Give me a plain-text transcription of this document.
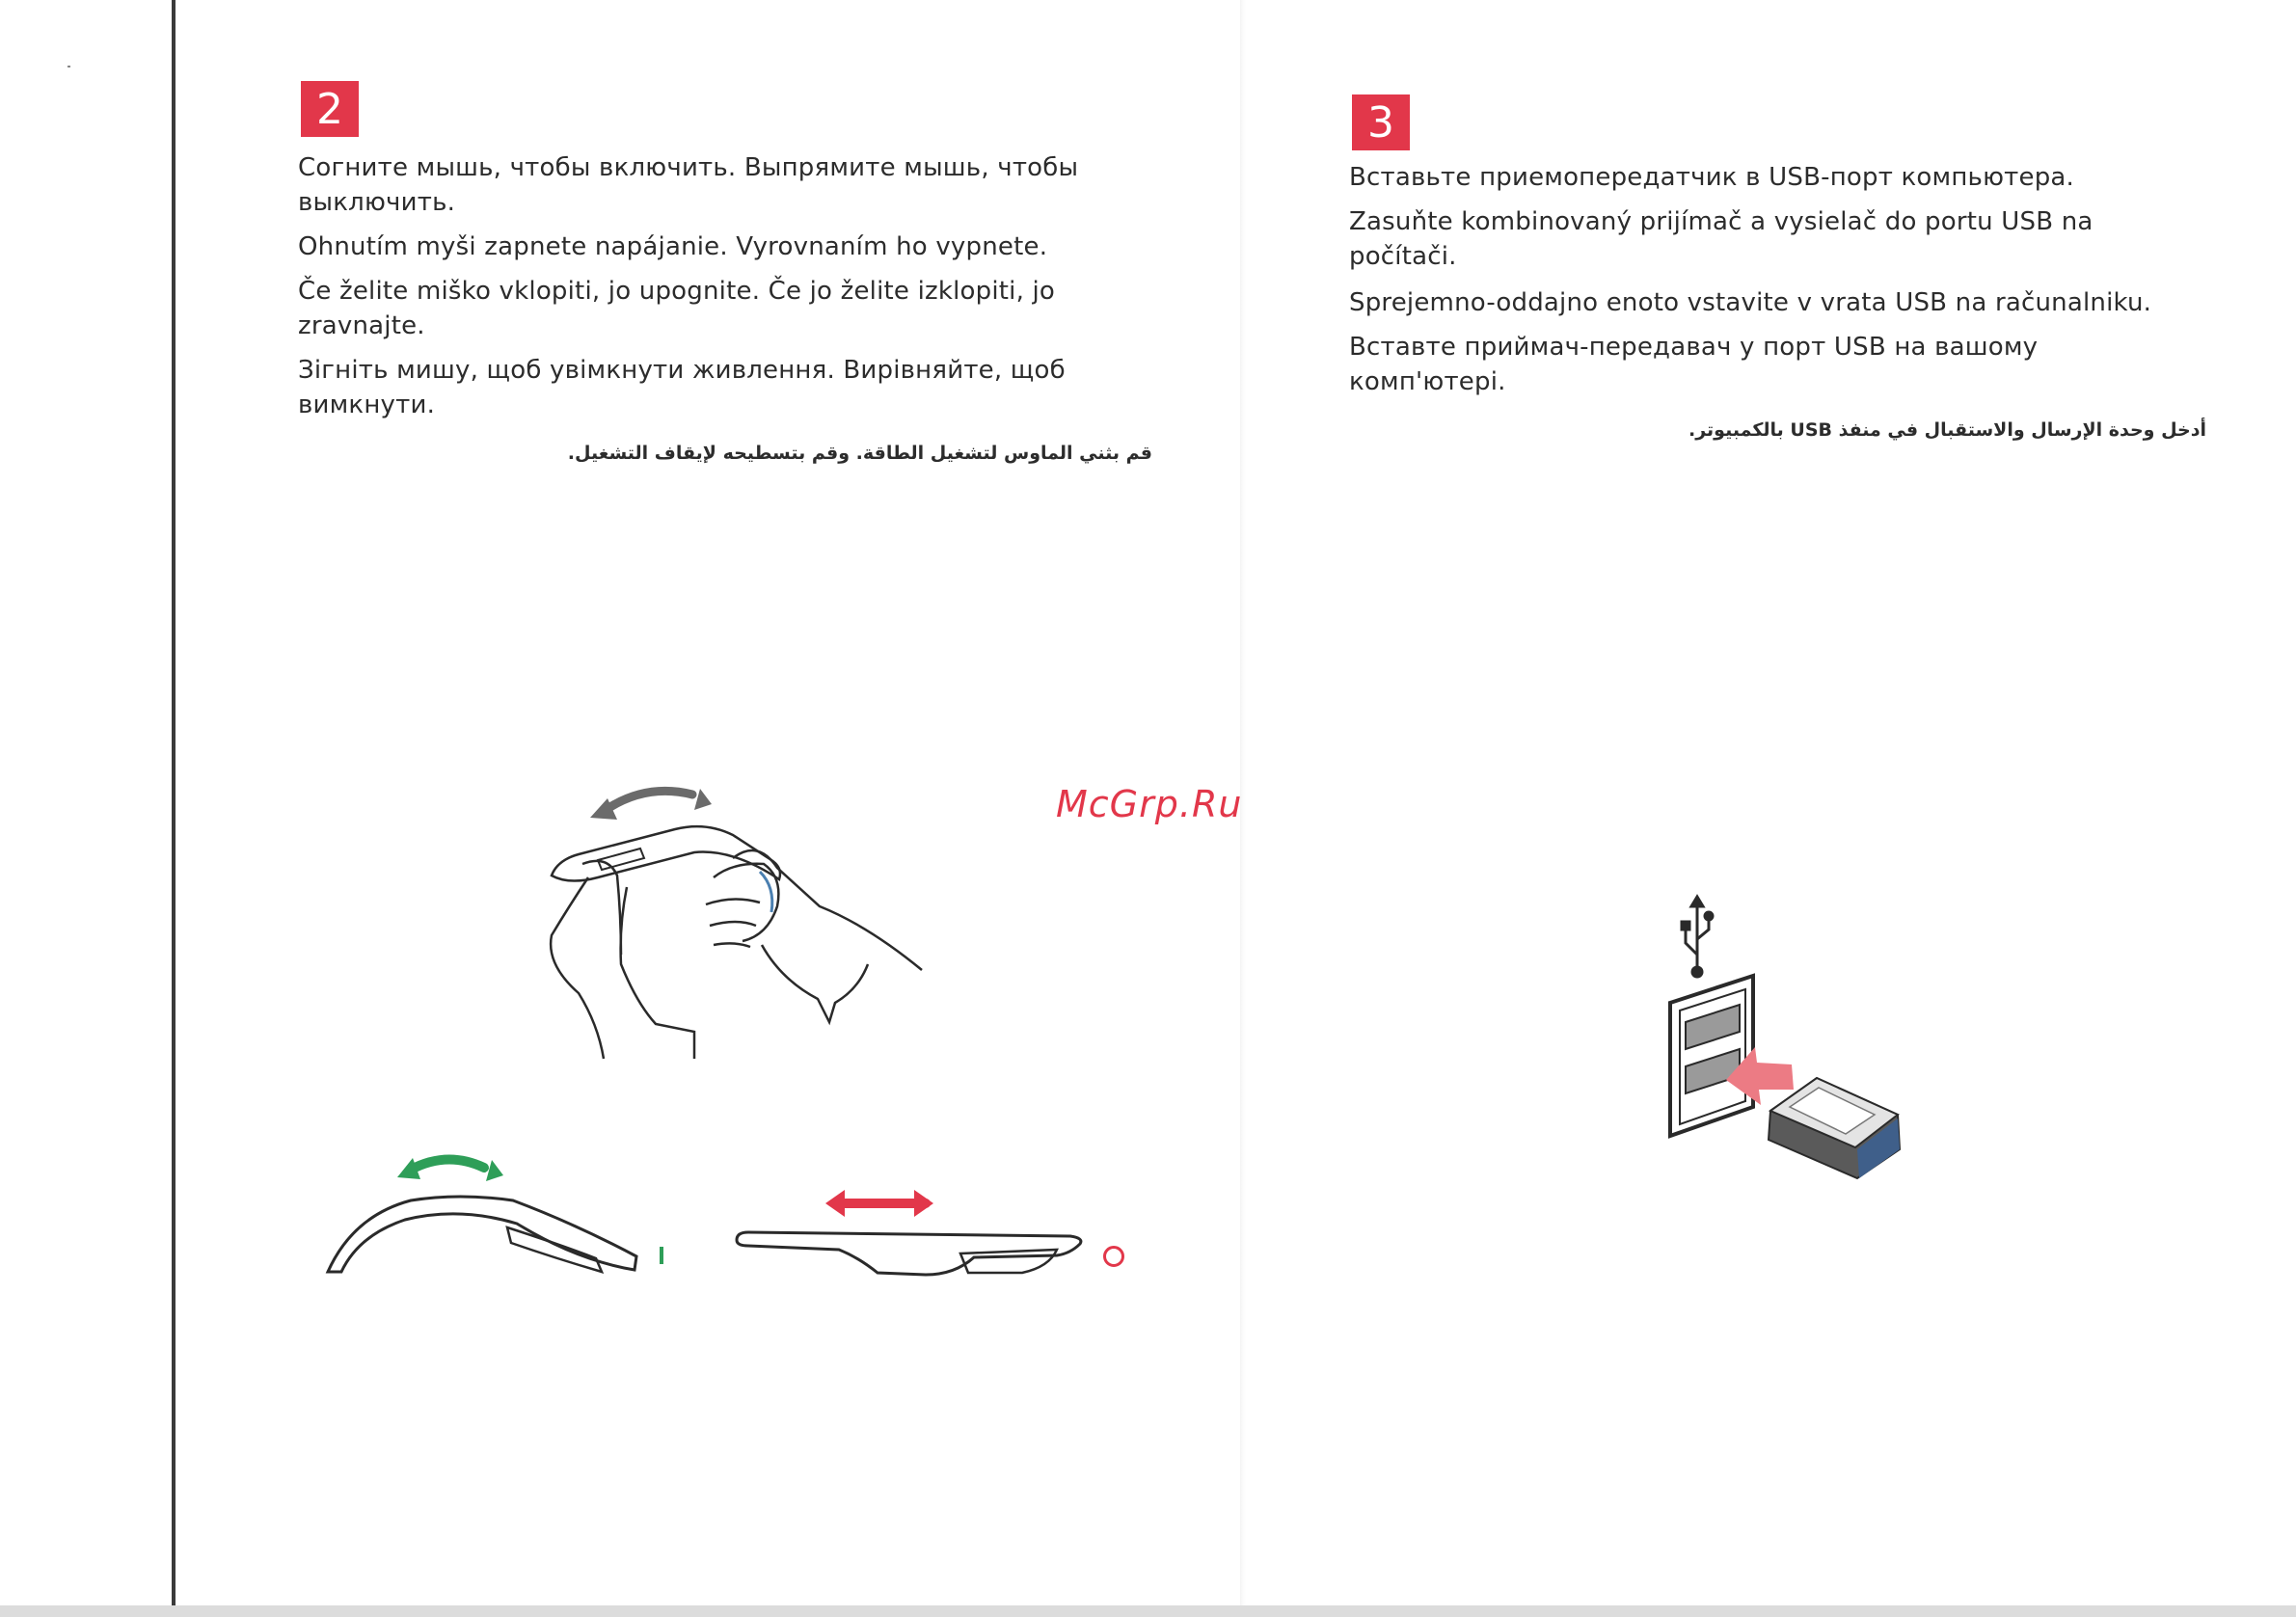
2

Согните мышь, чтобы включить. Выпрямите мышь, чтобы выключить.

Ohnutím myši zapnete napájanie. Vyrovnaním ho vypnete.

Če želite miško vklopiti, jo upognite. Če jo želite izklopiti, jo zravnajte.

Зігніть мишу, щоб увімкнути живлення. Вирівняйте, щоб вимкнути.

قم بثني الماوس لتشغيل الطاقة. وقم بتسطيحه لإيقاف التشغيل.

3

Вставьте приемопередатчик в USB-порт компьютера.

Zasuňte kombinovaný prijímač a vysielač do portu USB na počítači.

Sprejemno-oddajno enoto vstavite v vrata USB na računalniku.

Вставте приймач-передавач у порт USB на вашому комп'ютері.

أدخل وحدة الإرسال والاستقبال في منفذ USB بالكمبيوتر.

McGrp.Ru
